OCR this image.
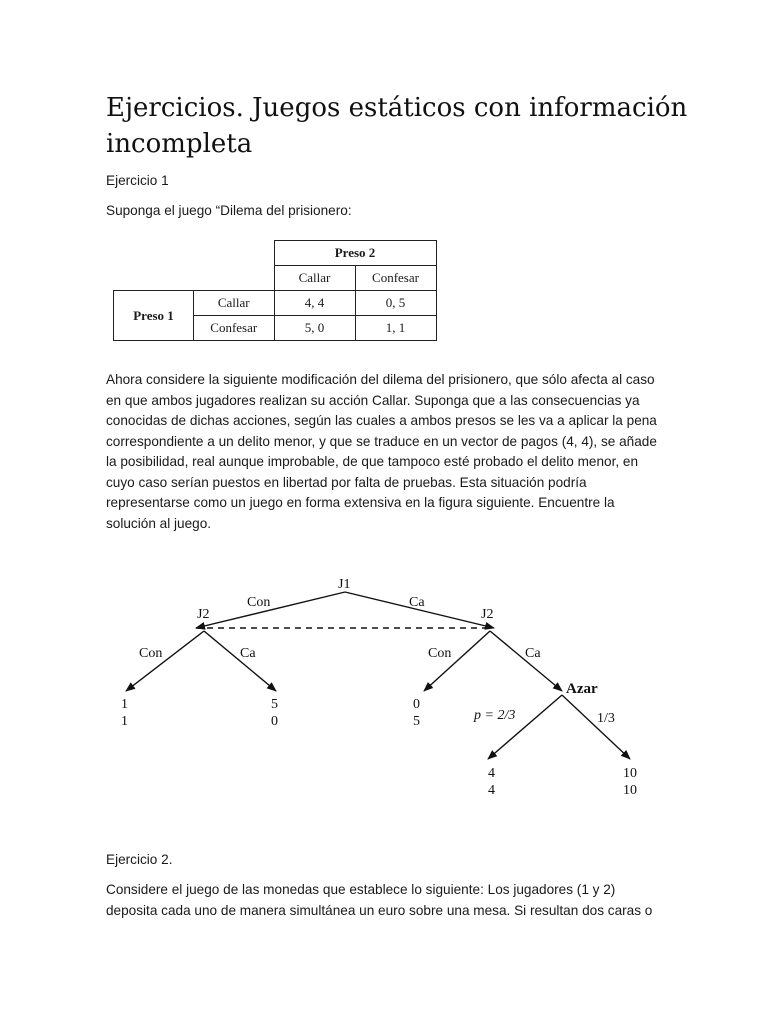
Ejercicios. Juegos estáticos con información incompleta

Ejercicio 1

Suponga el juego “Dilema del prisionero:

		Preso 2	
		Callar	Confesar
Preso 1	Callar	4, 4	0, 5
	Confesar	5, 0	1, 1

Ahora considere la siguiente modificación del dilema del prisionero, que sólo afecta al caso en que ambos jugadores realizan su acción Callar. Suponga que a las consecuencias ya conocidas de dichas acciones, según las cuales a ambos presos se les va a aplicar la pena correspondiente a un delito menor, y que se traduce en un vector de pagos (4, 4), se añade la posibilidad, real aunque improbable, de que tampoco esté probado el delito menor, en cuyo caso serían puestos en libertad por falta de pruebas. Esta situación podría representarse como un juego en forma extensiva en la figura siguiente. Encuentre la solución al juego.

J1
J2	J2
Azar
Con	Ca
Con	Ca	Con	Ca
p = 2/3	1/3
1
1
5
0
0
5
4
4
10
10

Ejercicio 2.

Considere el juego de las monedas que establece lo siguiente: Los jugadores (1 y 2) deposita cada uno de manera simultánea un euro sobre una mesa. Si resultan dos caras o
